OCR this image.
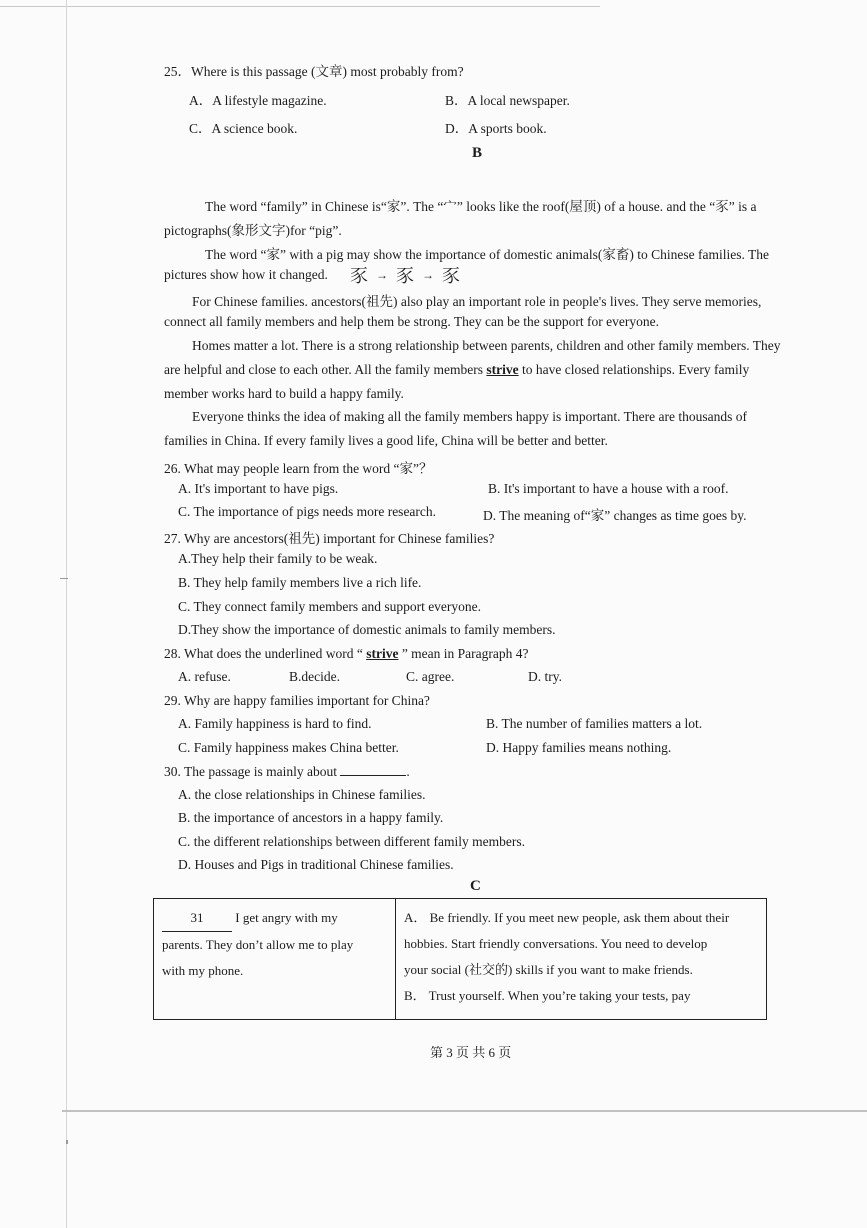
25．Where is this passage (文章) most probably from?
A．A lifestyle magazine.	B．A local newspaper.
C．A science book.	D．A sports book.
B
The word “family” in Chinese is“家”. The “宀” looks like the roof(屋顶) of a house. and the “豕” is a
pictographs(象形文字)for “pig”.
The word “家” with a pig may show the importance of domestic animals(家畜) to Chinese families. The
pictures show how it changed. 豕 → 豕 → 豕
For Chinese families. ancestors(祖先) also play an important role in people's lives. They serve memories,
connect all family members and help them be strong. They can be the support for everyone.
Homes matter a lot. There is a strong relationship between parents, children and other family members. They
are helpful and close to each other. All the family members strive to have closed relationships. Every family
member works hard to build a happy family.
Everyone thinks the idea of making all the family members happy is important. There are thousands of
families in China. If every family lives a good life, China will be better and better.
26. What may people learn from the word “家”？
A. It's important to have pigs.	B. It's important to have a house with a roof.
C. The importance of pigs needs more research.	D. The meaning of“家” changes as time goes by.
27. Why are ancestors(祖先) important for Chinese families?
A.They help their family to be weak.
B. They help family members live a rich life.
C. They connect family members and support everyone.
D.They show the importance of domestic animals to family members.
28. What does the underlined word “ strive ” mean in Paragraph 4?
A. refuse.	B.decide.	C. agree.	D. try.
29. Why are happy families important for China?
A. Family happiness is hard to find.	B. The number of families matters a lot.
C. Family happiness makes China better.	D. Happy families means nothing.
30. The passage is mainly about	.
A. the close relationships in Chinese families.
B. the importance of ancestors in a happy family.
C. the different relationships between different family members.
D. Houses and Pigs in traditional Chinese families.
C
31 I get angry with my
parents. They don’t allow me to play
with my phone.

A． Be friendly. If you meet new people, ask them about their
hobbies. Start friendly conversations. You need to develop
your social (社交的) skills if you want to make friends.
B． Trust yourself. When you’re taking your tests, pay
第 3 页 共 6 页
